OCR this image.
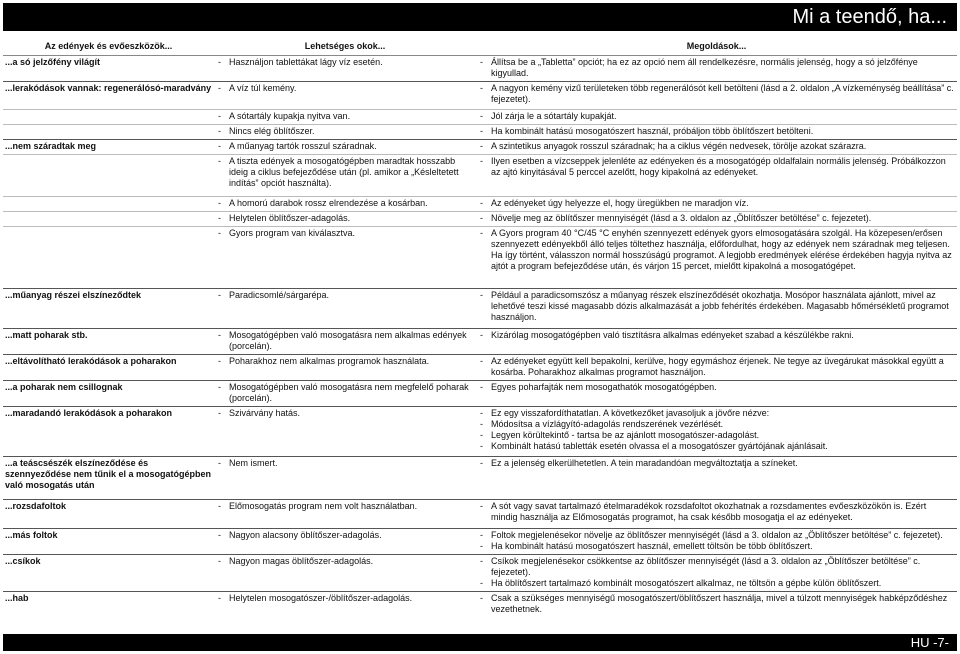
Mi a teendő, ha...
Az edények és evőeszközök...	Lehetséges okok...	Megoldások...
...a só jelzőfény világít	- Használjon tablettákat lágy víz esetén.	- Állítsa be a „Tabletta” opciót; ha ez az opció nem áll rendelkezésre, normális jelenség, hogy a só jelzőfénye kigyullad.

...lerakódások vannak: regenerálósó-maradvány	- A víz túl kemény.	- A nagyon kemény vizű területeken több regenerálósót kell betölteni (lásd a 2. oldalon „A vízkeménység beállítása” c. fejezetet).

	- A sótartály kupakja nyitva van.	- Jól zárja le a sótartály kupakját.

	- Nincs elég öblítőszer.	- Ha kombinált hatású mosogatószert használ, próbáljon több öblítőszert betölteni.

...nem száradtak meg	- A műanyag tartók rosszul száradnak.	- A szintetikus anyagok rosszul száradnak; ha a ciklus végén nedvesek, törölje azokat szárazra.

	- A tiszta edények a mosogatógépben maradtak hosszabb ideig a ciklus befejeződése után (pl. amikor a „Késleltetett indítás” opciót használta).	- Ilyen esetben a vízcseppek jelenléte az edényeken és a mosogatógép oldalfalain normális jelenség. Próbálkozzon az ajtó kinyitásával 5 perccel azelőtt, hogy kipakolná az edényeket.

	- A homorú darabok rossz elrendezése a kosárban.	- Az edényeket úgy helyezze el, hogy üregükben ne maradjon víz.

	- Helytelen öblítőszer-adagolás.	- Növelje meg az öblítőszer mennyiségét (lásd a 3. oldalon az „Öblítőszer betöltése” c. fejezetet).

	- Gyors program van kiválasztva.	- A Gyors program 40 °C/45 °C enyhén szennyezett edények gyors elmosogatására szolgál. Ha közepesen/erősen szennyezett edényekből álló teljes töltethez használja, előfordulhat, hogy az edények nem száradnak meg teljesen. Ha így történt, válasszon normál hosszúságú programot. A legjobb eredmények elérése érdekében hagyja nyitva az ajtót a program befejeződése után, és várjon 15 percet, mielőtt kipakolná a mosogatógépet.

...műanyag részei elszíneződtek	- Paradicsomlé/sárgarépa.	- Például a paradicsomszósz a műanyag részek elszíneződését okozhatja. Mosópor használata ajánlott, mivel az lehetővé teszi kissé magasabb dózis alkalmazását a jobb fehérítés érdekében. Magasabb hőmérsékletű programot használjon.

...matt poharak stb.	- Mosogatógépben való mosogatásra nem alkalmas edények (porcelán).	- Kizárólag mosogatógépben való tisztításra alkalmas edényeket szabad a készülékbe rakni.

...eltávolítható lerakódások a poharakon	- Poharakhoz nem alkalmas programok használata.	- Az edényeket együtt kell bepakolni, kerülve, hogy egymáshoz érjenek. Ne tegye az üvegárukat másokkal együtt a kosárba. Poharakhoz alkalmas programot használjon.

...a poharak nem csillognak	- Mosogatógépben való mosogatásra nem megfelelő poharak (porcelán).	- Egyes poharfajták nem mosogathatók mosogatógépben.

...maradandó lerakódások a poharakon	- Szivárvány hatás.	- Ez egy visszafordíthatatlan. A következőket javasoljuk a jövőre nézve:
- Módosítsa a vízlágyító-adagolás rendszerének vezérlését.
- Legyen körültekintő - tartsa be az ajánlott mosogatószer-adagolást.
- Kombinált hatású tabletták esetén olvassa el a mosogatószer gyártójának ajánlásait.

...a teáscsészék elszíneződése és szennyeződése nem tűnik el a mosogatógépben való mosogatás után	- Nem ismert.	- Ez a jelenség elkerülhetetlen. A tein maradandóan megváltoztatja a színeket.

...rozsdafoltok	- Előmosogatás program nem volt használatban.	- A sót vagy savat tartalmazó ételmaradékok rozsdafoltot okozhatnak a rozsdamentes evőeszközökön is. Ezért mindig használja az Előmosogatás programot, ha csak később mosogatja el az edényeket.

...más foltok	- Nagyon alacsony öblítőszer-adagolás.	- Foltok megjelenésekor növelje az öblítőszer mennyiségét (lásd a 3. oldalon az „Öblítőszer betöltése” c. fejezetet).
- Ha kombinált hatású mosogatószert használ, emellett töltsön be több öblítőszert.

...csíkok	- Nagyon magas öblítőszer-adagolás.	- Csíkok megjelenésekor csökkentse az öblítőszer mennyiségét (lásd a 3. oldalon az „Öblítőszer betöltése” c. fejezetet).
- Ha öblítőszert tartalmazó kombinált mosogatószert alkalmaz, ne töltsön a gépbe külön öblítőszert.

...hab	- Helytelen mosogatószer-/öblítőszer-adagolás.	- Csak a szükséges mennyiségű mosogatószert/öblítőszert használja, mivel a túlzott mennyiségek habképződéshez vezethetnek.
HU -7-
